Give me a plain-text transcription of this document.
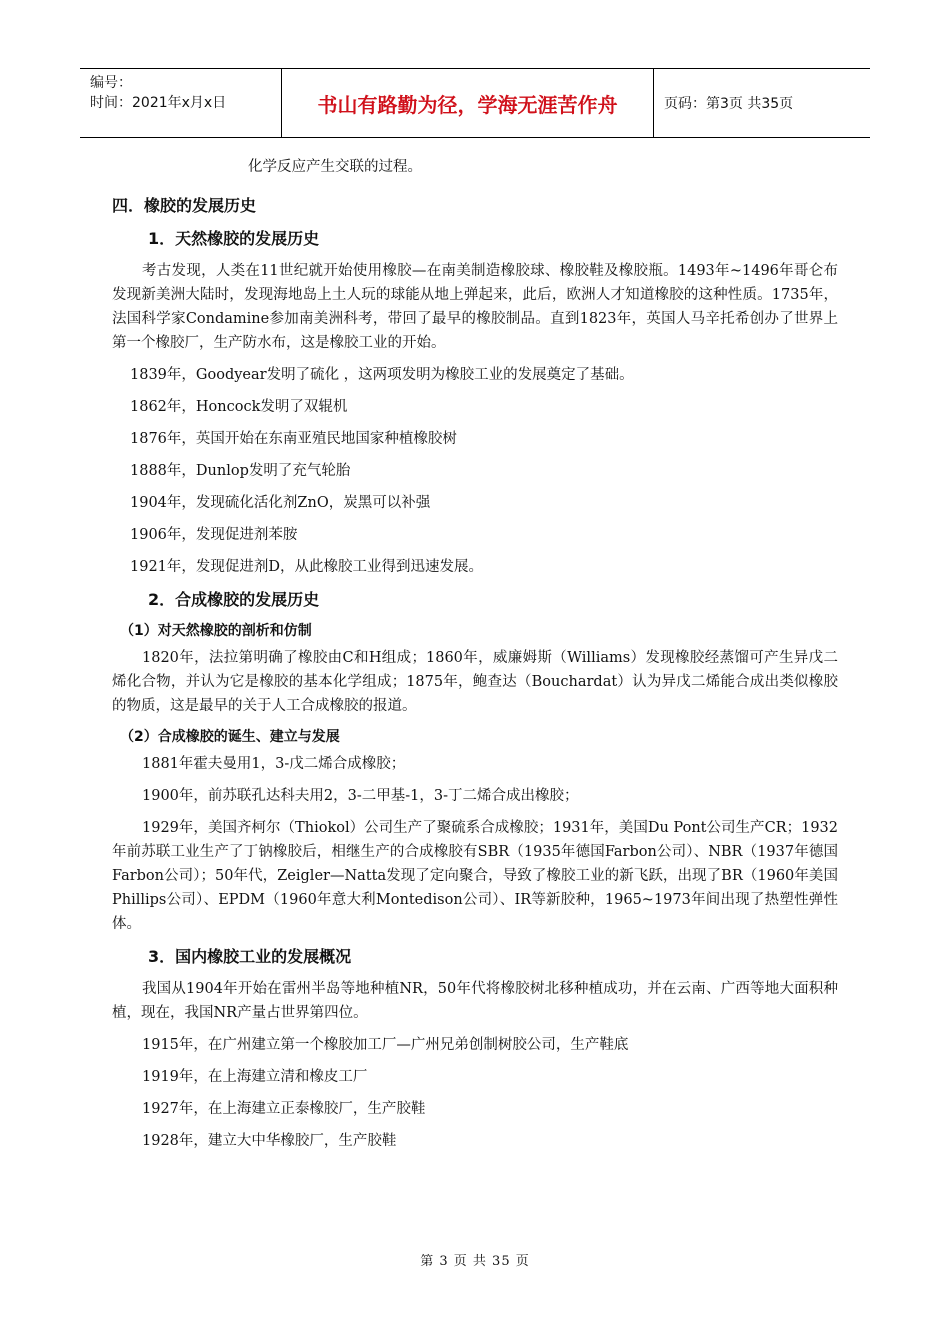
编号：
时间：2021年x月x日	书山有路勤为径，学海无涯苦作舟	页码：第3页 共35页

化学反应产生交联的过程。

四．橡胶的发展历史
1．天然橡胶的发展历史

考古发现，人类在11世纪就开始使用橡胶—在南美制造橡胶球、橡胶鞋及橡胶瓶。1493年~1496年哥仑布发现新美洲大陆时，发现海地岛上土人玩的球能从地上弹起来，此后，欧洲人才知道橡胶的这种性质。1735年，法国科学家Condamine参加南美洲科考，带回了最早的橡胶制品。直到1823年，英国人马辛托希创办了世界上第一个橡胶厂，生产防水布，这是橡胶工业的开始。

1839年，Goodyear发明了硫化 ，这两项发明为橡胶工业的发展奠定了基础。

1862年，Honcock发明了双辊机

1876年，英国开始在东南亚殖民地国家种植橡胶树

1888年，Dunlop发明了充气轮胎

1904年，发现硫化活化剂ZnO，炭黑可以补强

1906年，发现促进剂苯胺

1921年，发现促进剂D，从此橡胶工业得到迅速发展。

2．合成橡胶的发展历史
（1）对天然橡胶的剖析和仿制

1820年，法拉第明确了橡胶由C和H组成；1860年，威廉姆斯（Williams）发现橡胶经蒸馏可产生异戊二烯化合物，并认为它是橡胶的基本化学组成；1875年，鲍查达（Bouchardat）认为异戊二烯能合成出类似橡胶的物质，这是最早的关于人工合成橡胶的报道。

（2）合成橡胶的诞生、建立与发展

1881年霍夫曼用1，3-戊二烯合成橡胶；

1900年，前苏联孔达科夫用2，3-二甲基-1，3-丁二烯合成出橡胶；

1929年，美国齐柯尔（Thiokol）公司生产了聚硫系合成橡胶；1931年，美国Du Pont公司生产CR；1932年前苏联工业生产了丁钠橡胶后，相继生产的合成橡胶有SBR（1935年德国Farbon公司）、NBR（1937年德国Farbon公司）；50年代，Zeigler—Natta发现了定向聚合，导致了橡胶工业的新飞跃，出现了BR（1960年美国Phillips公司）、EPDM（1960年意大利Montedison公司）、IR等新胶种，1965~1973年间出现了热塑性弹性体。

3．国内橡胶工业的发展概况

我国从1904年开始在雷州半岛等地种植NR，50年代将橡胶树北移种植成功，并在云南、广西等地大面积种植，现在，我国NR产量占世界第四位。

1915年，在广州建立第一个橡胶加工厂—广州兄弟创制树胶公司，生产鞋底

1919年，在上海建立清和橡皮工厂

1927年，在上海建立正泰橡胶厂，生产胶鞋

1928年，建立大中华橡胶厂，生产胶鞋

第 3 页 共 35 页
